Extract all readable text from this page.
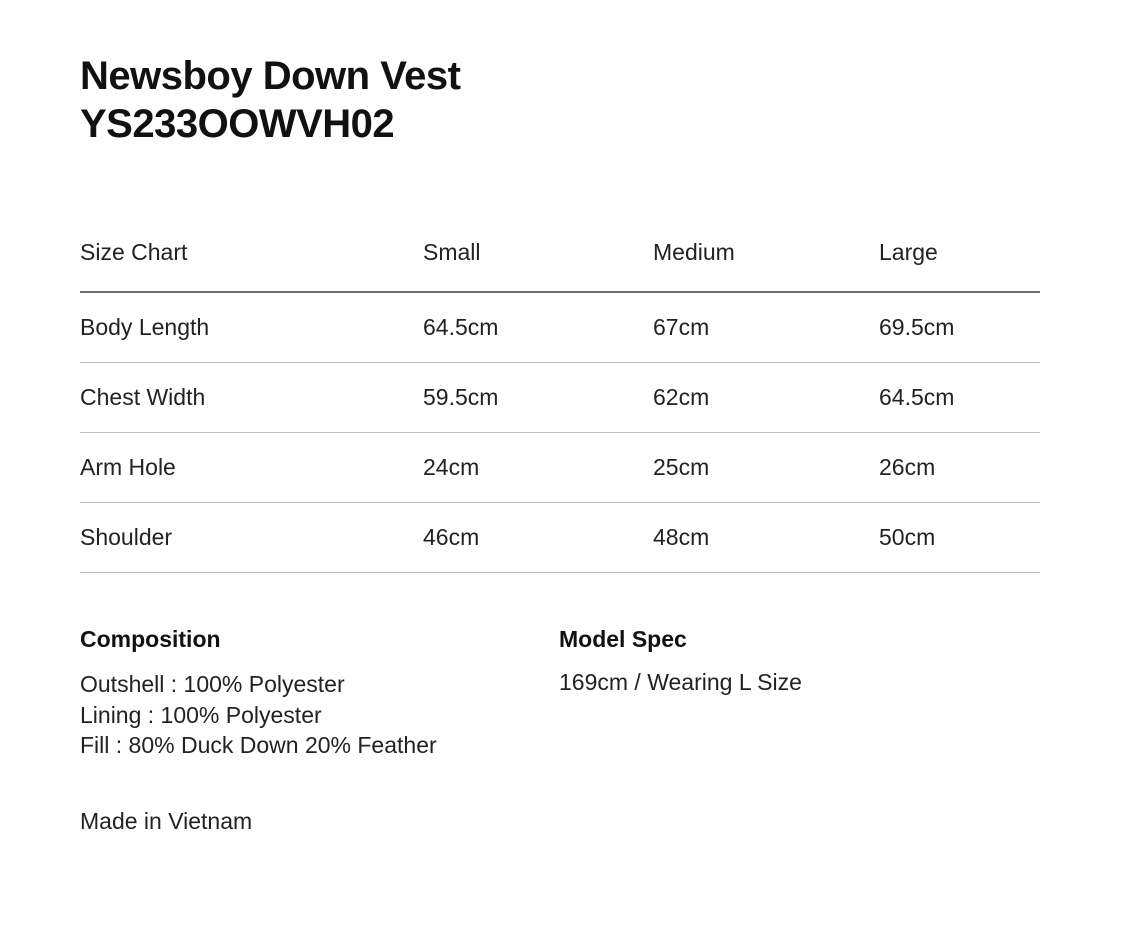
Newsboy Down Vest
YS233OOWVH02
Size Chart	Small	Medium	Large
Body Length	64.5cm	67cm	69.5cm
Chest Width	59.5cm	62cm	64.5cm
Arm Hole	24cm	25cm	26cm
Shoulder	46cm	48cm	50cm
Composition
Outshell : 100% Polyester
Lining : 100% Polyester
Fill : 80% Duck Down 20% Feather
Model Spec
169cm / Wearing L Size
Made in Vietnam
